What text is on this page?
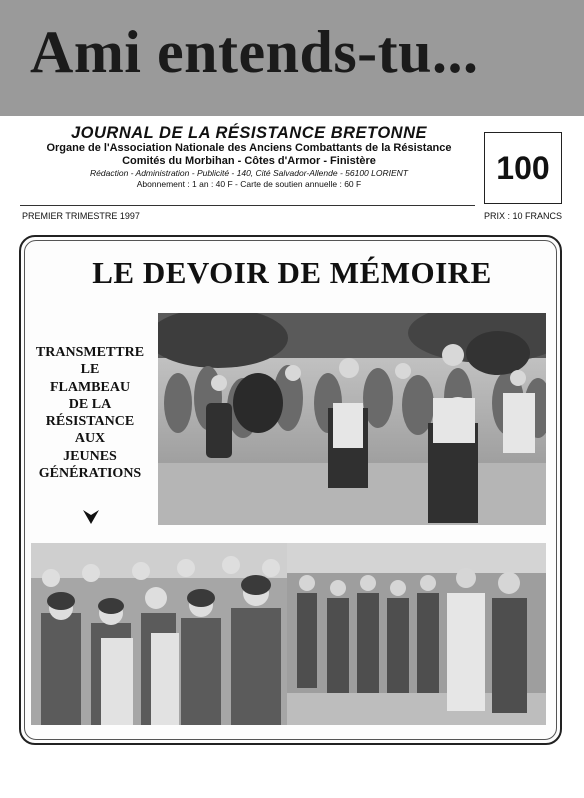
Ami entends-tu...
JOURNAL DE LA RÉSISTANCE BRETONNE
Organe de l'Association Nationale des Anciens Combattants de la Résistance
Comités du Morbihan - Côtes d'Armor - Finistère
Rédaction - Administration - Publicité - 140, Cité Salvador-Allende - 56100 LORIENT
Abonnement : 1 an : 40 F - Carte de soutien annuelle : 60 F	100
PREMIER TRIMESTRE 1997	PRIX : 10 FRANCS
LE DEVOIR DE MÉMOIRE
TRANSMETTRE
LE
FLAMBEAU
DE LA
RÉSISTANCE
AUX
JEUNES
GÉNÉRATIONS
